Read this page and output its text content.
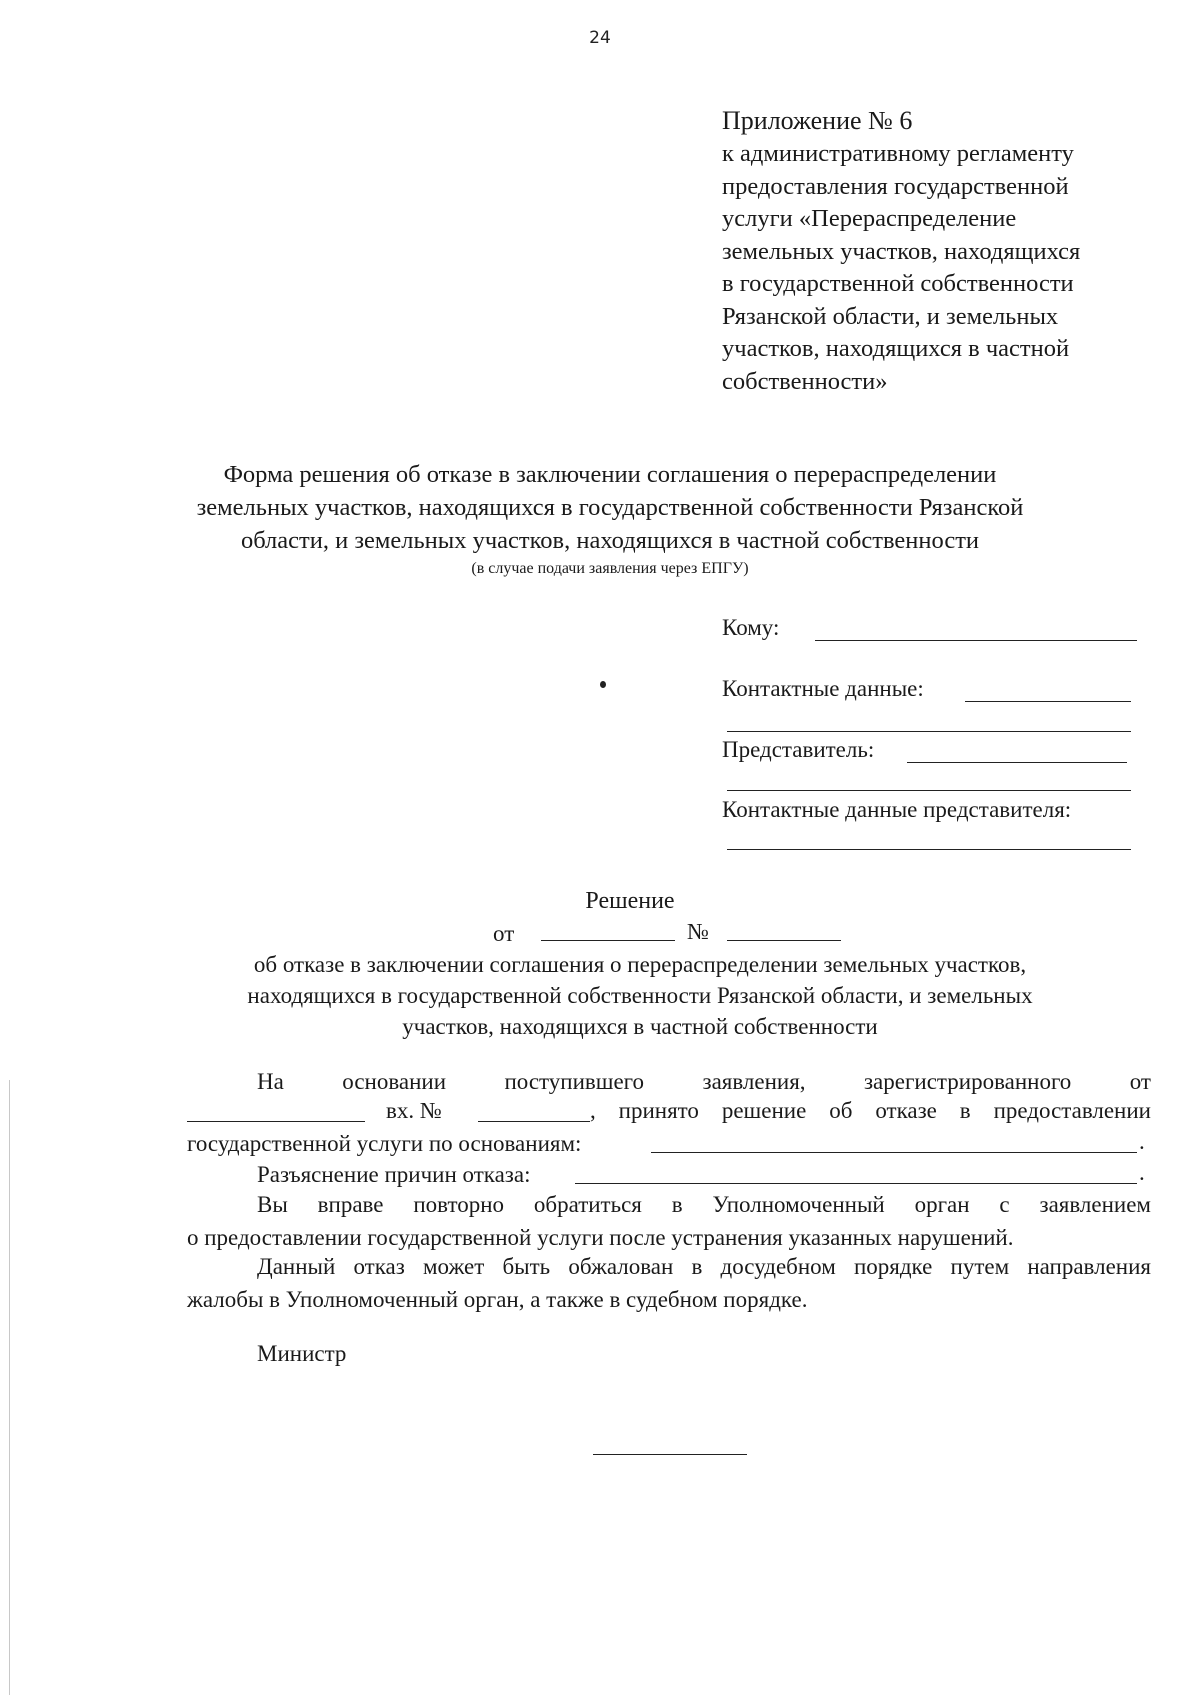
24
Приложение № 6
к административному регламенту
предоставления государственной
услуги «Перераспределение
земельных участков, находящихся
в государственной собственности
Рязанской области, и земельных
участков, находящихся в частной
собственности»
Форма решения об отказе в заключении соглашения о перераспределении
земельных участков, находящихся в государственной собственности Рязанской
области, и земельных участков, находящихся в частной собственности
(в случае подачи заявления через ЕПГУ)
Кому:
Контактные данные:
Представитель:
Контактные данные представителя:
Решение
от	№
об отказе в заключении соглашения о перераспределении земельных участков,
находящихся в государственной собственности Рязанской области, и земельных
участков, находящихся в частной собственности
На	основании	поступившего	заявления,	зарегистрированного	от
вх. №	, принято решение об отказе в предоставлении
государственной услуги по основаниям:	.
Разъяснение причин отказа:	.
Вы вправе повторно обратиться в Уполномоченный орган с заявлением
о предоставлении государственной услуги после устранения указанных нарушений.
Данный отказ может быть обжалован в досудебном порядке путем направления
жалобы в Уполномоченный орган, а также в судебном порядке.
Министр
